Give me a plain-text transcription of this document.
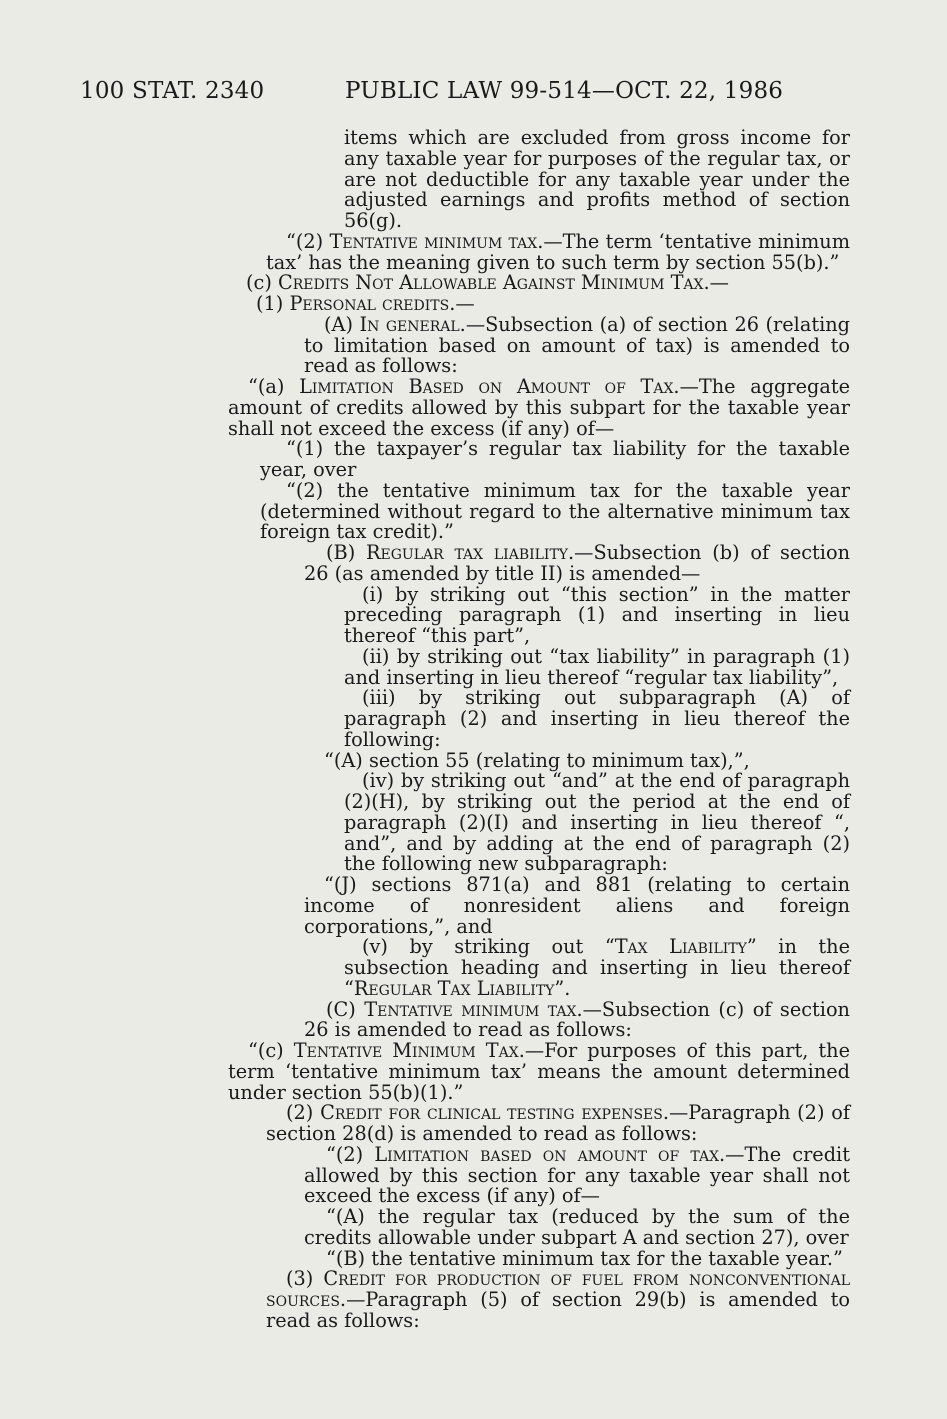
100 STAT. 2340	PUBLIC LAW 99-514—OCT. 22, 1986
items which are excluded from gross income for any taxable year for purposes of the regular tax, or are not deductible for any taxable year under the adjusted earnings and profits method of section 56(g).
“(2) Tentative minimum tax.—The term ‘tentative minimum tax’ has the meaning given to such term by section 55(b).”
(c) Credits Not Allowable Against Minimum Tax.—
(1) Personal credits.—
(A) In general.—Subsection (a) of section 26 (relating to limitation based on amount of tax) is amended to read as follows:
“(a) Limitation Based on Amount of Tax.—The aggregate amount of credits allowed by this subpart for the taxable year shall not exceed the excess (if any) of—
“(1) the taxpayer’s regular tax liability for the taxable year, over
“(2) the tentative minimum tax for the taxable year (determined without regard to the alternative minimum tax foreign tax credit).”
(B) Regular tax liability.—Subsection (b) of section 26 (as amended by title II) is amended—
(i) by striking out “this section” in the matter preceding paragraph (1) and inserting in lieu thereof “this part”,
(ii) by striking out “tax liability” in paragraph (1) and inserting in lieu thereof “regular tax liability”,
(iii) by striking out subparagraph (A) of paragraph (2) and inserting in lieu thereof the following:
“(A) section 55 (relating to minimum tax),”,
(iv) by striking out “and” at the end of paragraph (2)(H), by striking out the period at the end of paragraph (2)(I) and inserting in lieu thereof “, and”, and by adding at the end of paragraph (2) the following new subparagraph:
“(J) sections 871(a) and 881 (relating to certain income of nonresident aliens and foreign corporations,”, and
(v) by striking out “Tax Liability” in the subsection heading and inserting in lieu thereof “Regular Tax Liability”.
(C) Tentative minimum tax.—Subsection (c) of section 26 is amended to read as follows:
“(c) Tentative Minimum Tax.—For purposes of this part, the term ‘tentative minimum tax’ means the amount determined under section 55(b)(1).”
(2) Credit for clinical testing expenses.—Paragraph (2) of section 28(d) is amended to read as follows:
“(2) Limitation based on amount of tax.—The credit allowed by this section for any taxable year shall not exceed the excess (if any) of—
“(A) the regular tax (reduced by the sum of the credits allowable under subpart A and section 27), over
“(B) the tentative minimum tax for the taxable year.”
(3) Credit for production of fuel from nonconventional sources.—Paragraph (5) of section 29(b) is amended to read as follows:
